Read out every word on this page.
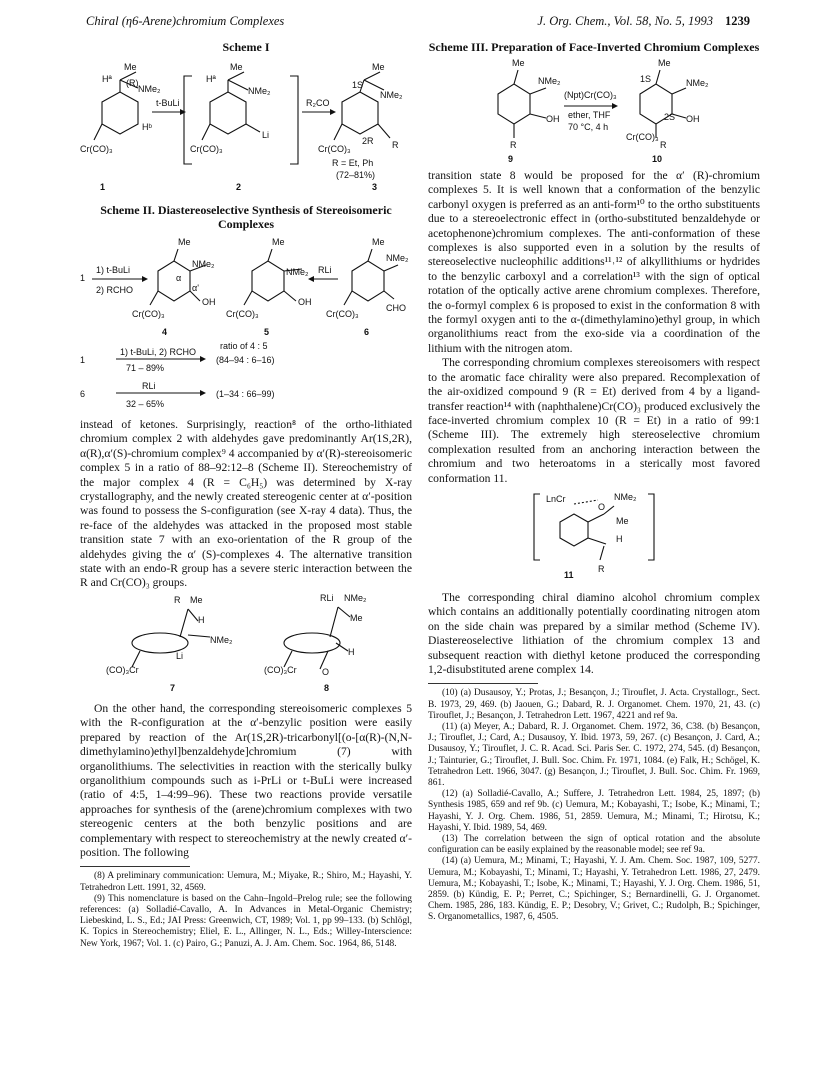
Chiral (η6-Arene)chromium Complexes	J. Org. Chem., Vol. 58, No. 5, 1993 1239
Scheme I
Hª
Me
(R)
NMe₂
Hᵇ
Cr(CO)₃
t-BuLi
Hª
Me
NMe₂
Li
Cr(CO)₃
R₂CO
Me
1S
NMe₂
2R R
Cr(CO)₃
R = Et, Ph
(72–81%)
1	2	3
Scheme II. Diastereoselective Synthesis of Stereoisomeric Complexes
1
1) t-BuLi
2) RCHO
Me
NMe₂
α
α'
OH
Cr(CO)₃
Me
NMe₂
OH
Cr(CO)₃
RLi
Me
NMe₂
CHO
Cr(CO)₃
4	5	6
ratio of 4 : 5
1
1) t-BuLi, 2) RCHO
71 – 89%
(84–94 : 6–16)
6
RLi
32 – 65%
(1–34 : 66–99)

instead of ketones. Surprisingly, reaction⁸ of the ortho-lithiated chromium complex 2 with aldehydes gave predominantly Ar(1S,2R), α(R),α′(S)-chromium complex⁹ 4 accompanied by α′(R)-stereoisomeric complex 5 in a ratio of 88–92:12–8 (Scheme II). Stereochemistry of the major complex 4 (R = C₆H₅) was determined by X-ray crystallography, and the newly created stereogenic center at α′-position was found to possess the S-configuration (see X-ray 4 data). Thus, the re-face of the aldehydes was attacked in the proposed most stable transition state 7 with an exo-orientation of the R group of the aldehydes giving the α′ (S)-complexes 4. The alternative transition state with an endo-R group has a severe steric interaction between the R and Cr(CO)₃ groups.

R Me
H
NMe₂
Li
(CO)₃Cr
7
RLi NMe₂
Me
H
O
(CO)₃Cr
8

On the other hand, the corresponding stereoisomeric complexes 5 with the R-configuration at the α′-benzylic position were easily prepared by reaction of the Ar(1S,2R)-tricarbonyl[(o-[α(R)-(N,N-dimethylamino)ethyl]benzaldehyde]chromium (7) with organolithiums. The selectivities in reaction with the sterically bulky organolithium compounds such as i-PrLi or t-BuLi were increased (ratio of 4:5, 1–4:99–96). These two reactions provide versatile approaches for synthesis of the (arene)chromium complexes with two stereogenic centers at the both benzylic positions and are complementary with respect to stereochemistry at the newly created α′-position. The following

(8) A preliminary communication: Uemura, M.; Miyake, R.; Shiro, M.; Hayashi, Y. Tetrahedron Lett. 1991, 32, 4569.

(9) This nomenclature is based on the Cahn–Ingold–Prelog rule; see the following references: (a) Solladié-Cavallo, A. In Advances in Metal-Organic Chemistry; Liebeskind, L. S., Ed.; JAI Press: Greenwich, CT, 1989; Vol. 1, pp 99–133. (b) Schlögl, K. Topics in Stereochemistry; Eliel, E. L., Allinger, N. L., Eds.; Willey-Interscience: New York, 1967; Vol. 1. (c) Pairo, G.; Panuzi, A. J. Am. Chem. Soc. 1964, 86, 5148.

Scheme III. Preparation of Face-Inverted Chromium Complexes
Me
NMe₂
OH
R
(Npt)Cr(CO)₃
ether, THF
70 °C, 4 h
Me
1S	NMe₂
OH
2S
Cr(CO)₃
R
9	10

transition state 8 would be proposed for the α′ (R)-chromium complexes 5. It is well known that a conformation of the benzylic carbonyl oxygen is preferred as an anti-form¹⁰ to the ortho substituents due to a stereoelectronic effect in (ortho-substituted benzaldehyde or acetophenone)chromium complexes. The anti-conformation of these complexes is also supported even in a solution by the results of stereoselective nucleophilic additions¹¹˒¹² of alkyllithiums or hydrides to the benzylic carboxyl and a correlation¹³ with the sign of optical rotation of the optically active arene chromium complexes. Therefore, the o-formyl complex 6 is proposed to exist in the conformation 8 with the formyl oxygen anti to the α-(dimethylamino)ethyl group, in which organolithiums react from the exo-side via a coordination of the lithium with the nitrogen atom.

The corresponding chromium complexes stereoisomers with respect to the aromatic face chirality were also prepared. Recomplexation of the air-oxidized compound 9 (R = Et) derived from 4 by a ligand-transfer reaction¹⁴ with (naphthalene)Cr(CO)₃ produced exclusively the face-inverted chromium complex 10 (R = Et) in a ratio of 99:1 (Scheme III). The extremely high stereoselective chromium complexation resulted from an anchoring interaction between the chromium and two heteroatoms in a sterically most favored conformation 11.

LnCr
O
NMe₂
Me
H
R
11

The corresponding chiral diamino alcohol chromium complex which contains an additionally potentially coordinating nitrogen atom on the side chain was prepared by a similar method (Scheme IV). Diastereoselective lithiation of the chromium complex 13 and subsequent reaction with diethyl ketone produced the corresponding 1,2-disubstituted arene complex 14.

(10) (a) Dusausoy, Y.; Protas, J.; Besançon, J.; Tirouflet, J. Acta. Crystallogr., Sect. B. 1973, 29, 469. (b) Jaouen, G.; Dabard, R. J. Organomet. Chem. 1970, 21, 43. (c) Tirouflet, J.; Besançon, J. Tetrahedron Lett. 1967, 4221 and ref 9a.

(11) (a) Meyer, A.; Dabard, R. J. Organomet. Chem. 1972, 36, C38. (b) Besançon, J.; Tirouflet, J.; Card, A.; Dusausoy, Y. Ibid. 1973, 59, 267. (c) Besançon, J. Card, A.; Dusausoy, Y.; Tirouflet, J. C. R. Acad. Sci. Paris Ser. C. 1972, 274, 545. (d) Besançon, J.; Tainturier, G.; Tirouflet, J. Bull. Soc. Chim. Fr. 1971, 1084. (e) Falk, H.; Schögel, K. Tetrahedron Lett. 1966, 3047. (g) Besançon, J.; Tirouflet, J. Bull. Soc. Chim. Fr. 1969, 861.

(12) (a) Solladié-Cavallo, A.; Suffere, J. Tetrahedron Lett. 1984, 25, 1897; (b) Synthesis 1985, 659 and ref 9b. (c) Uemura, M.; Kobayashi, T.; Isobe, K.; Minami, T.; Hayashi, Y. J. Org. Chem. 1986, 51, 2859. Uemura, M.; Minami, T.; Hirotsu, K.; Hayashi, Y. Ibid. 1989, 54, 469.

(13) The correlation between the sign of optical rotation and the absolute configuration can be easily explained by the reasonable model; see ref 9a.

(14) (a) Uemura, M.; Minami, T.; Hayashi, Y. J. Am. Chem. Soc. 1987, 109, 5277. Uemura, M.; Kobayashi, T.; Minami, T.; Hayashi, Y. Tetrahedron Lett. 1986, 27, 2479. Uemura, M.; Kobayashi, T.; Isobe, K.; Minami, T.; Hayashi, Y. J. Org. Chem. 1986, 51, 2859. (b) Kündig, E. P.; Perret, C.; Spichinger, S.; Bernardinelli, G. J. Organomet. Chem. 1985, 286, 183. Kündig, E. P.; Desobry, V.; Grivet, C.; Rudolph, B.; Spichinger, S. Organometallics, 1987, 6, 4505.
